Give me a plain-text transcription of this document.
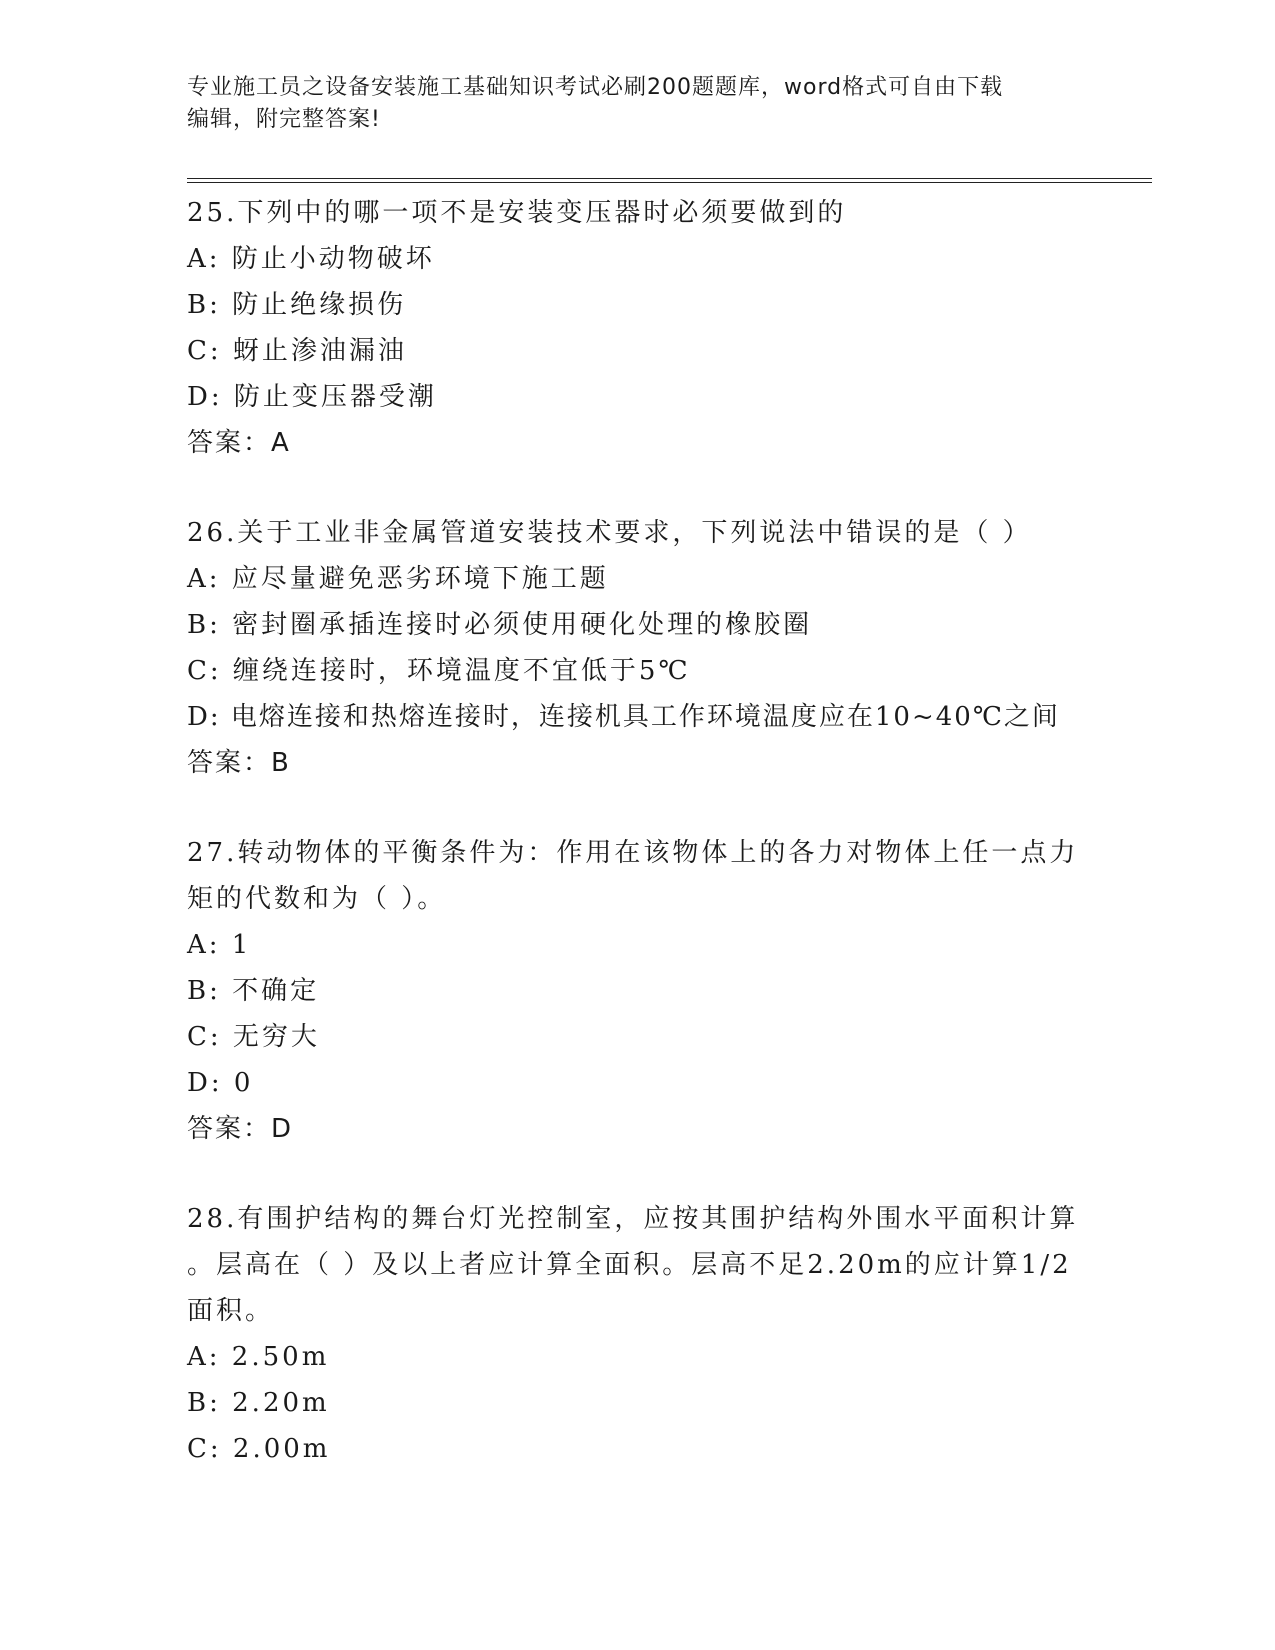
专业施工员之设备安装施工基础知识考试必刷200题题库，word格式可自由下载
编辑，附完整答案!
25.下列中的哪一项不是安装变压器时必须要做到的
A: 防止小动物破坏
B: 防止绝缘损伤
C: 蚜止渗油漏油
D: 防止变压器受潮
答案：A
26.关于工业非金属管道安装技术要求，下列说法中错误的是（ ）
A: 应尽量避免恶劣环境下施工题
B: 密封圈承插连接时必须使用硬化处理的橡胶圈
C: 缠绕连接时，环境温度不宜低于5℃
D: 电熔连接和热熔连接时，连接机具工作环境温度应在10~40℃之间
答案：B
27.转动物体的平衡条件为：作用在该物体上的各力对物体上任一点力
矩的代数和为（ ）。
A: 1
B: 不确定
C: 无穷大
D: 0
答案：D
28.有围护结构的舞台灯光控制室，应按其围护结构外围水平面积计算
。层高在（ ）及以上者应计算全面积。层高不足2.20m的应计算1/2
面积。
A: 2.50m
B: 2.20m
C: 2.00m
